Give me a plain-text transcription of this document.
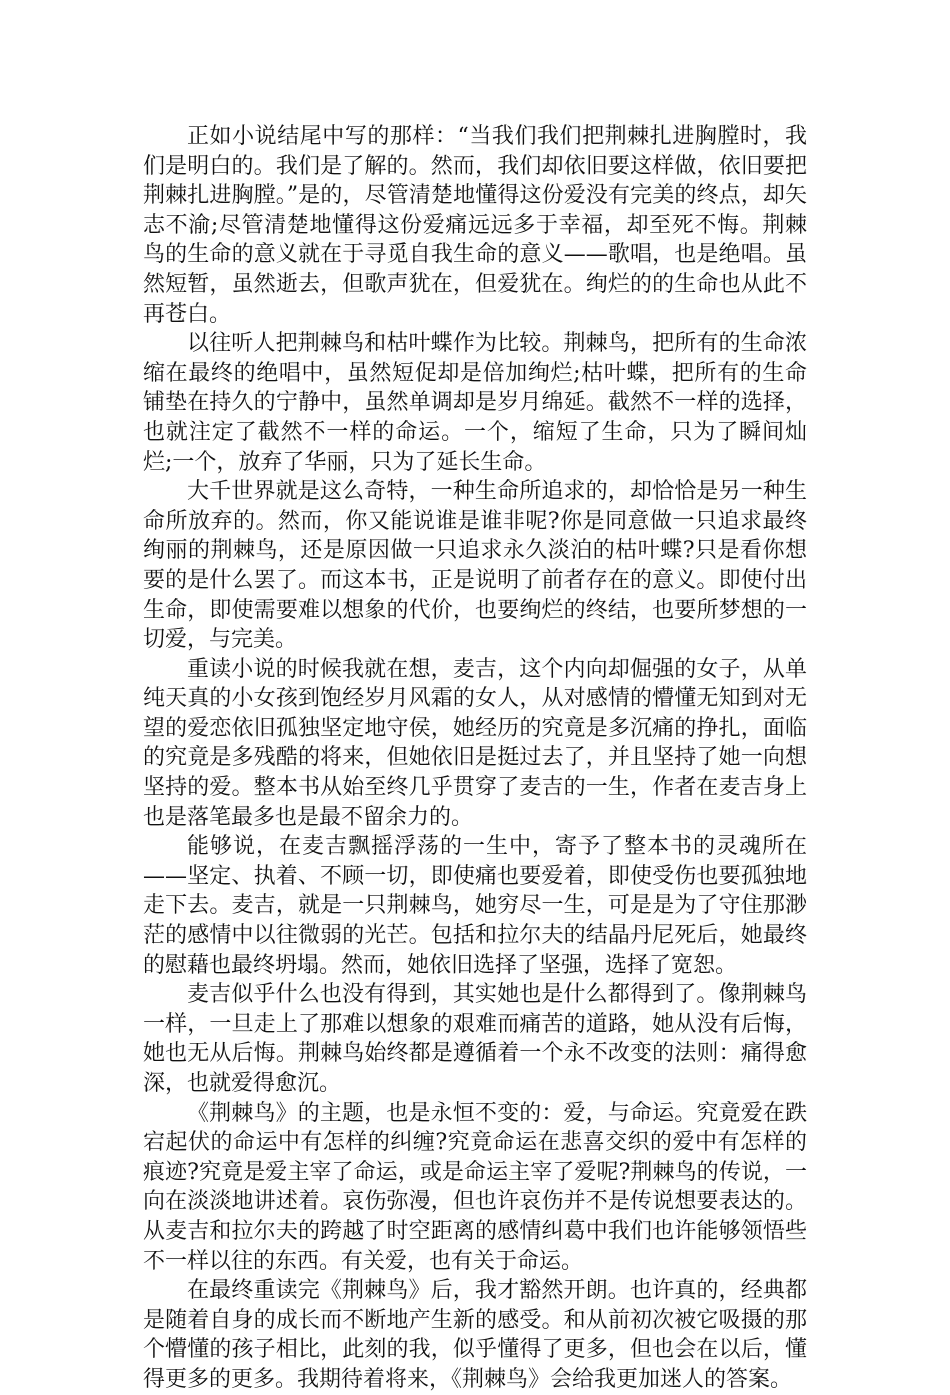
正如小说结尾中写的那样：“当我们我们把荆棘扎进胸膛时，我们是明白的。我们是了解的。然而，我们却依旧要这样做，依旧要把荆棘扎进胸膛。”是的，尽管清楚地懂得这份爱没有完美的终点，却矢志不渝;尽管清楚地懂得这份爱痛远远多于幸福，却至死不悔。荆棘鸟的生命的意义就在于寻觅自我生命的意义——歌唱，也是绝唱。虽然短暂，虽然逝去，但歌声犹在，但爱犹在。绚烂的的生命也从此不再苍白。

以往听人把荆棘鸟和枯叶蝶作为比较。荆棘鸟，把所有的生命浓缩在最终的绝唱中，虽然短促却是倍加绚烂;枯叶蝶，把所有的生命铺垫在持久的宁静中，虽然单调却是岁月绵延。截然不一样的选择，也就注定了截然不一样的命运。一个，缩短了生命，只为了瞬间灿烂;一个，放弃了华丽，只为了延长生命。

大千世界就是这么奇特，一种生命所追求的，却恰恰是另一种生命所放弃的。然而，你又能说谁是谁非呢?你是同意做一只追求最终绚丽的荆棘鸟，还是原因做一只追求永久淡泊的枯叶蝶?只是看你想要的是什么罢了。而这本书，正是说明了前者存在的意义。即使付出生命，即使需要难以想象的代价，也要绚烂的终结，也要所梦想的一切爱，与完美。

重读小说的时候我就在想，麦吉，这个内向却倔强的女子，从单纯天真的小女孩到饱经岁月风霜的女人，从对感情的懵懂无知到对无望的爱恋依旧孤独坚定地守侯，她经历的究竟是多沉痛的挣扎，面临的究竟是多残酷的将来，但她依旧是挺过去了，并且坚持了她一向想坚持的爱。整本书从始至终几乎贯穿了麦吉的一生，作者在麦吉身上也是落笔最多也是最不留余力的。

能够说，在麦吉飘摇浮荡的一生中，寄予了整本书的灵魂所在——坚定、执着、不顾一切，即使痛也要爱着，即使受伤也要孤独地走下去。麦吉，就是一只荆棘鸟，她穷尽一生，可是是为了守住那渺茫的感情中以往微弱的光芒。包括和拉尔夫的结晶丹尼死后，她最终的慰藉也最终坍塌。然而，她依旧选择了坚强，选择了宽恕。

麦吉似乎什么也没有得到，其实她也是什么都得到了。像荆棘鸟一样，一旦走上了那难以想象的艰难而痛苦的道路，她从没有后悔，她也无从后悔。荆棘鸟始终都是遵循着一个永不改变的法则：痛得愈深，也就爱得愈沉。

《荆棘鸟》的主题，也是永恒不变的：爱，与命运。究竟爱在跌宕起伏的命运中有怎样的纠缠?究竟命运在悲喜交织的爱中有怎样的痕迹?究竟是爱主宰了命运，或是命运主宰了爱呢?荆棘鸟的传说，一向在淡淡地讲述着。哀伤弥漫，但也许哀伤并不是传说想要表达的。从麦吉和拉尔夫的跨越了时空距离的感情纠葛中我们也许能够领悟些不一样以往的东西。有关爱，也有关于命运。

在最终重读完《荆棘鸟》后，我才豁然开朗。也许真的，经典都是随着自身的成长而不断地产生新的感受。和从前初次被它吸摄的那个懵懂的孩子相比，此刻的我，似乎懂得了更多，但也会在以后，懂得更多的更多。我期待着将来，《荆棘鸟》会给我更加迷人的答案。
